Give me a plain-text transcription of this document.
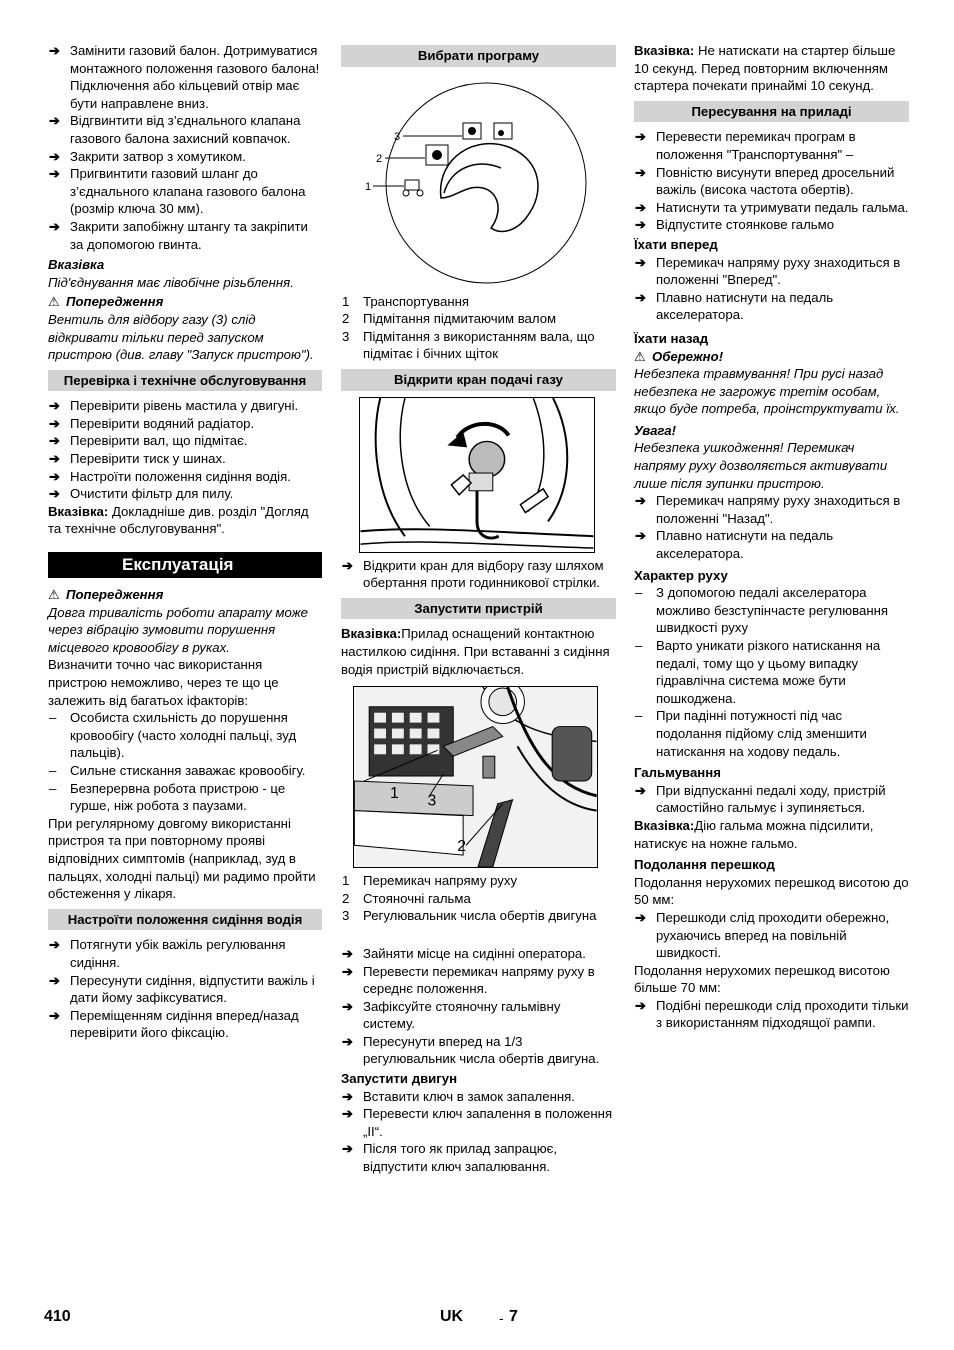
➔ Замінити газовий балон. Дотримуватися монтажного положення газового балона! Підключення або кільцевий отвір має бути направлене вниз.
➔ Відгвинтити від з’єднального клапана газового балона захисний ковпачок.
➔ Закрити затвор з хомутиком.
➔ Пригвинтити газовий шланг до з’єднального клапана газового балона (розмір ключа 30 мм).
➔ Закрити запобіжну штангу та закріпити за допомогою гвинта.
Вказівка
Під'єднування має лівобічне різьблення.
⚠ Попередження
Вентиль для відбору газу (3) слід відкривати тільки перед запуском пристрою (див. главу "Запуск пристрою").
Перевірка і технічне обслуговування
➔ Перевірити рівень мастила у двигуні.
➔ Перевірити водяний радіатор.
➔ Перевірити вал, що підмітає.
➔ Перевірити тиск у шинах.
➔ Настроїти положення сидіння водія.
➔ Очистити фільтр для пилу.
Вказівка: Докладніше див. розділ "Догляд та технічне обслуговування".
Експлуатація
⚠ Попередження
Довга тривалість роботи апарату може через вібрацію зумовити порушення місцевого кровообігу в руках.
Визначити точно час використання пристрою неможливо, через те що це залежить від багатьох іфакторів:
– Особиста схильність до порушення кровообігу (часто холодні пальці, зуд пальців).
– Сильне стискання заважає кровообігу.
– Безперервна робота пристрою - це гурше, ніж робота з паузами.
При регулярному довгому використанні пристроя та при повторному прояві відповідних симптомів (наприклад, зуд в пальцях, холодні пальці) ми радимо пройти обстеження у лікаря.
Настроїти положення сидіння водія
➔ Потягнути убік важіль регулювання сидіння.
➔ Пересунути сидіння, відпустити важіль і дати йому зафіксуватися.
➔ Переміщенням сидіння вперед/назад перевірити його фіксацію.
Вибрати програму
3
2
1
1 Транспортування
2 Підмітання підмитаючим валом
3 Підмітання з використанням вала, що підмітає і бічних щіток
Відкрити кран подачі газу
➔ Відкрити кран для відбору газу шляхом обертання проти годинникової стрілки.
Запустити пристрій
Вказівка:Прилад оснащений контактною настилкою сидіння. При вставанні з сидіння водія пристрій відключається.
1 3
2
1 Перемикач напряму руху
2 Стояночні гальма
3 Регулювальник числа обертів двигуна
➔ Зайняти місце на сидінні оператора.
➔ Перевести перемикач напряму руху в середнє положення.
➔ Зафіксуйте стояночну гальмівну систему.
➔ Пересунути вперед на 1/3 регулювальник числа обертів двигуна.
Запустити двигун
➔ Вставити ключ в замок запалення.
➔ Перевести ключ запалення в положення „II“.
➔ Після того як прилад запрацює, відпустити ключ запалювання.
Вказівка: Не натискати на стартер більше 10 секунд. Перед повторним включенням стартера почекати принаймі 10 секунд.
Пересування на приладі
➔ Перевести перемикач програм в положення "Транспортування" –
➔ Повністю висунути вперед дросельний важіль (висока частота обертів).
➔ Натиснути та утримувати педаль гальма.
➔ Відпустите стоянкове гальмо
Їхати вперед
➔ Перемикач напряму руху знаходиться в положенні "Вперед".
➔ Плавно натиснути на педаль акселератора.
Їхати назад
⚠ Обережно!
Небезпека травмування! При русі назад небезпека не загрожує третім особам, якщо буде потреба, проінструктувати їх.
Увага!
Небезпека ушкодження! Перемикач напряму руху дозволяється активувати лише після зупинки пристрою.
➔ Перемикач напряму руху знаходиться в положенні "Назад".
➔ Плавно натиснути на педаль акселератора.
Характер руху
– З допомогою педалі акселератора можливо безступінчасте регулювання швидкості руху
– Варто уникати різкого натискання на педалі, тому що у цьому випадку гідравлічна система може бути пошкоджена.
– При падінні потужності під час подолання підйому слід зменшити натискання на ходову педаль.
Гальмування
➔ При відпусканні педалі ходу, пристрій самостійно гальмує і зупиняється.
Вказівка:Дію гальма можна підсилити, натискує на ножне гальмо.
Подолання перешкод
Подолання нерухомих перешкод висотою до 50 мм:
➔ Перешкоди слід проходити обережно, рухаючись вперед на повільній швидкості.
Подолання нерухомих перешкод висотою більше 70 мм:
➔ Подібні перешкоди слід проходити тільки з використанням підходящої рампи.
410	UK	- 7
